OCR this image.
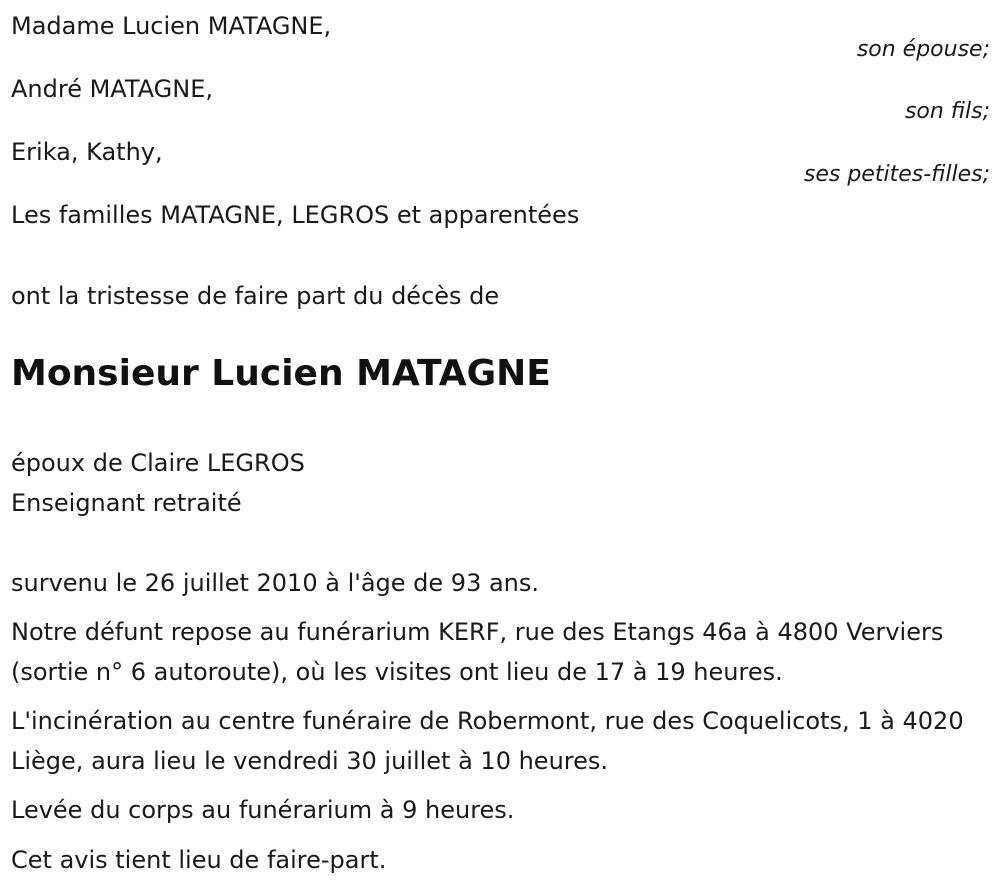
Madame Lucien MATAGNE,
son épouse;
André MATAGNE,
son fils;
Erika, Kathy,
ses petites-filles;
Les familles MATAGNE, LEGROS et apparentées
ont la tristesse de faire part du décès de
Monsieur Lucien MATAGNE
époux de Claire LEGROS
Enseignant retraité
survenu le 26 juillet 2010 à l'âge de 93 ans.
Notre défunt repose au funérarium KERF, rue des Etangs 46a à 4800 Verviers (sortie n° 6 autoroute), où les visites ont lieu de 17 à 19 heures.
L'incinération au centre funéraire de Robermont, rue des Coquelicots, 1 à 4020 Liège, aura lieu le vendredi 30 juillet à 10 heures.
Levée du corps au funérarium à 9 heures.
Cet avis tient lieu de faire-part.
